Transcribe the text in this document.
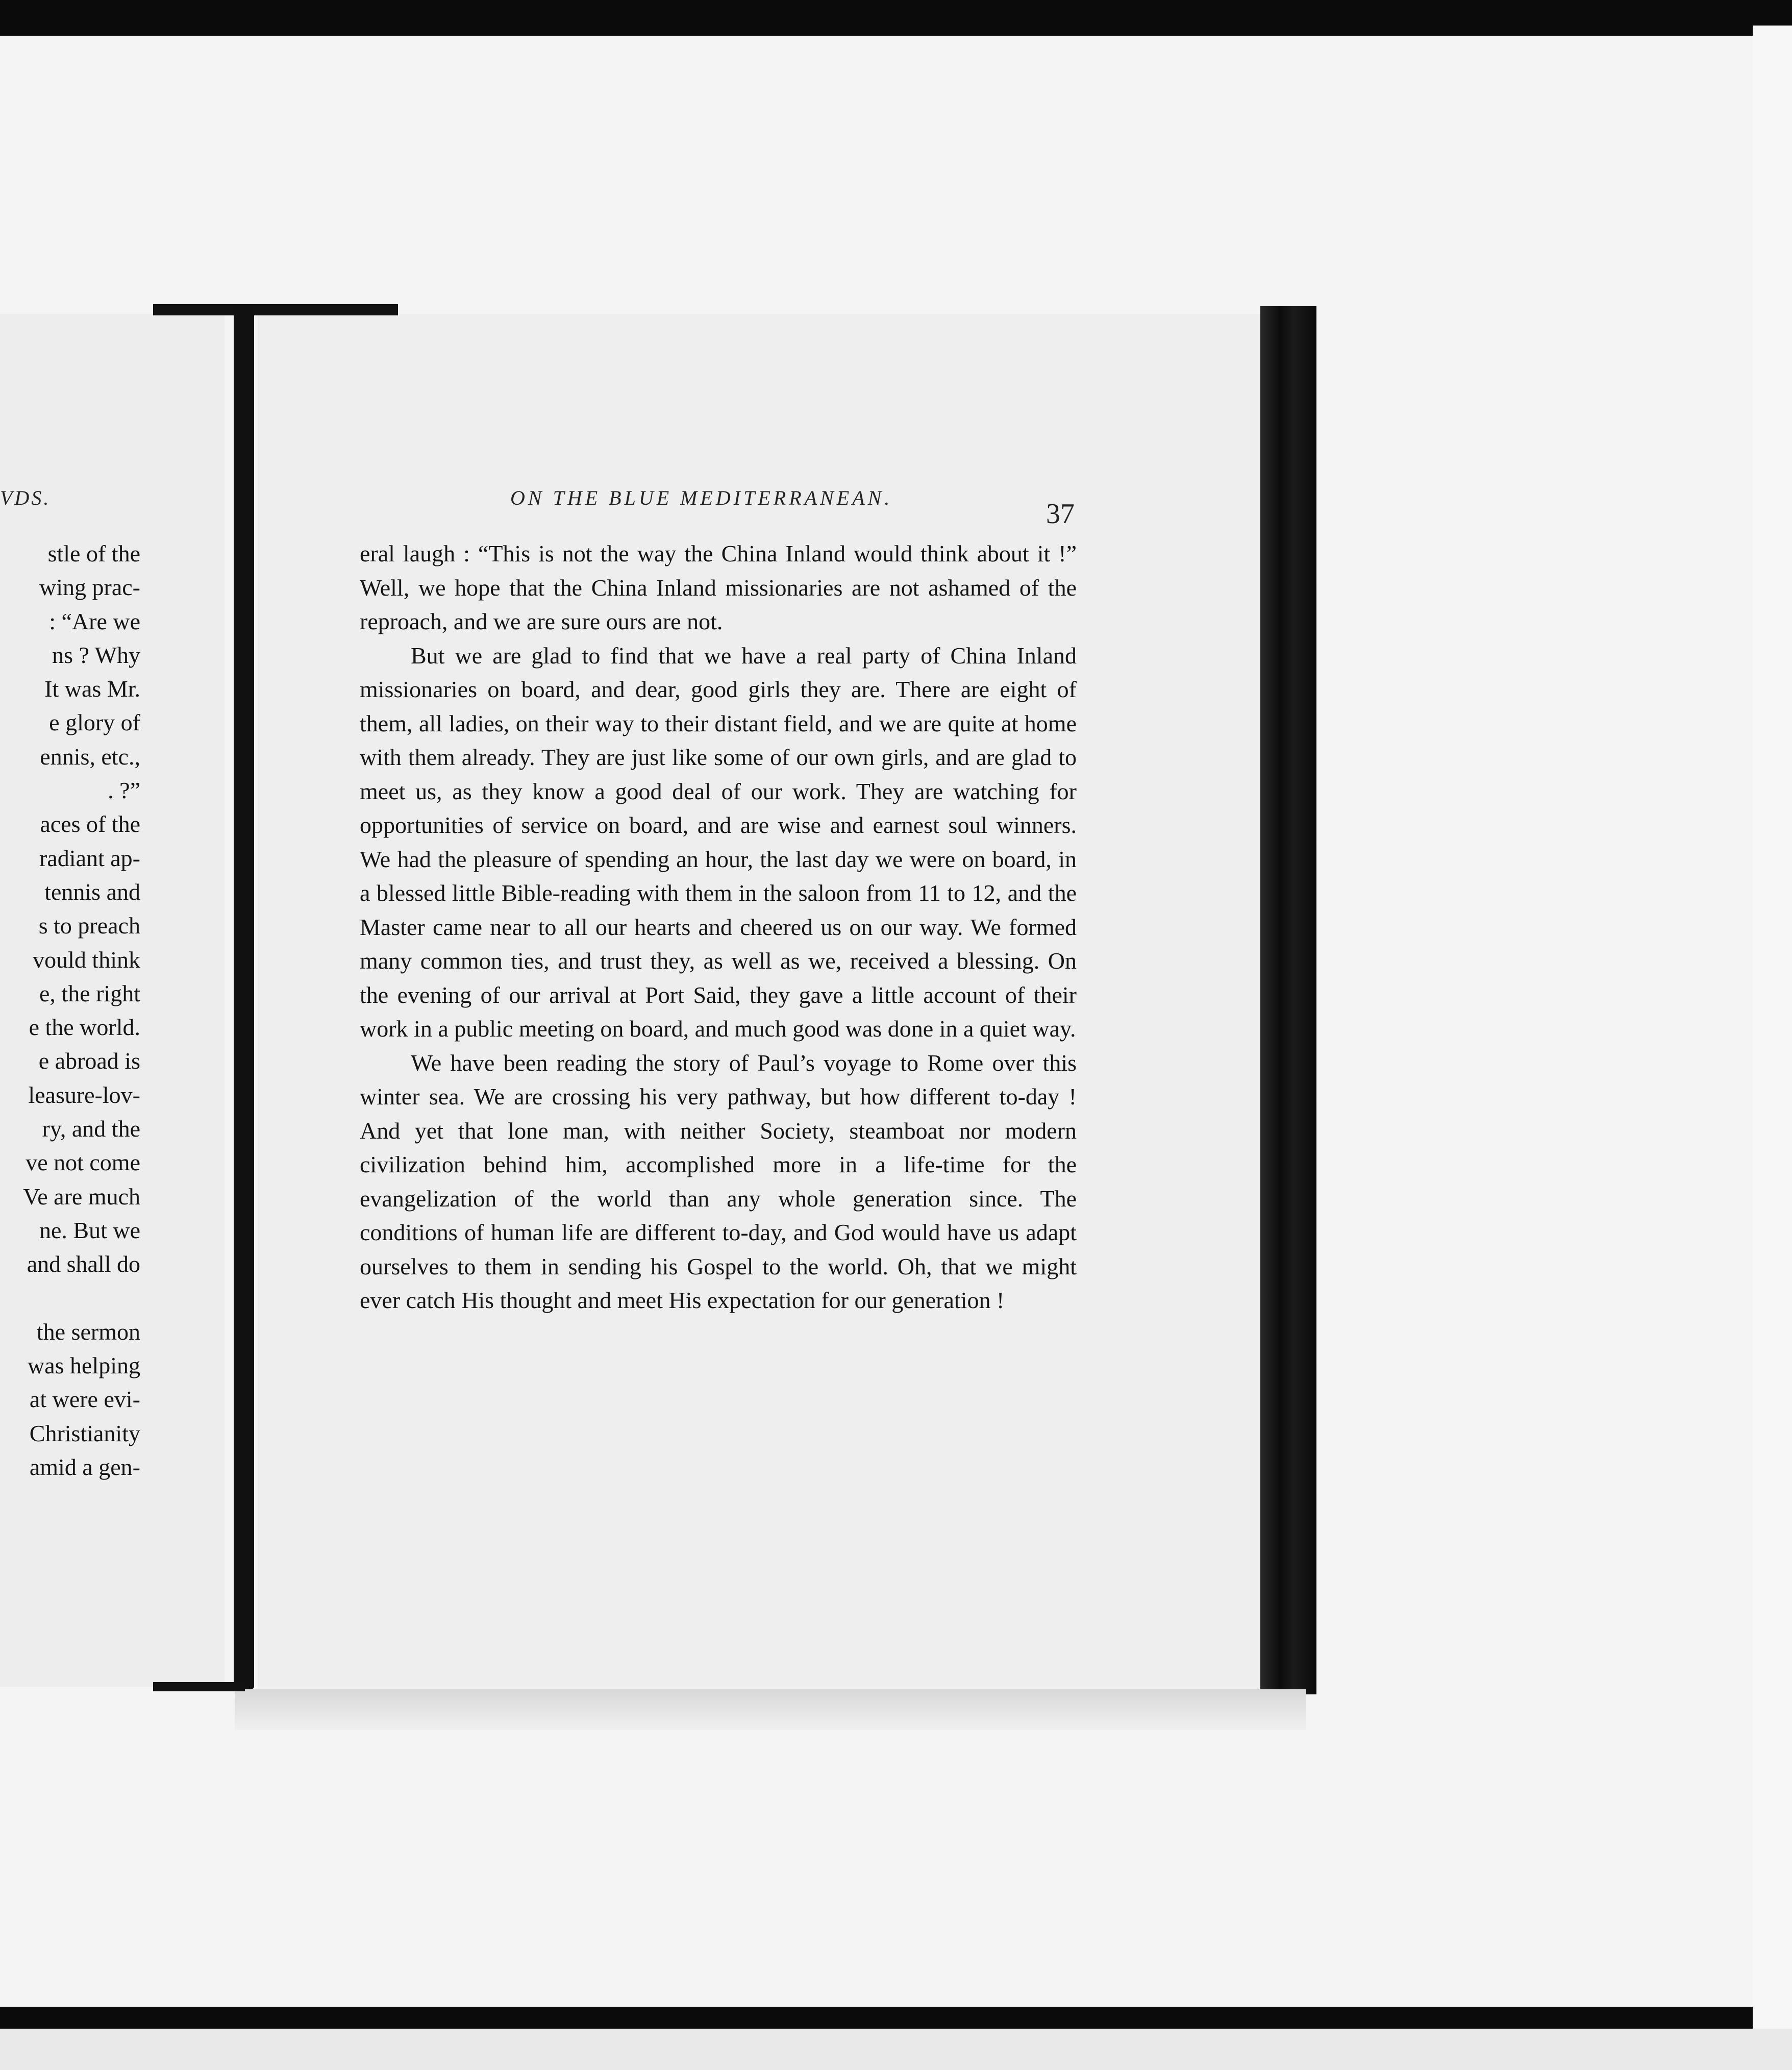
VDS.
stle of the
wing prac-
: “Are we
ns ? Why
It was Mr.
e glory of
ennis, etc.,
. ?”
aces of the
radiant ap-
tennis and
s to preach
vould think
e, the right
e the world.
e abroad is
leasure-lov-
ry, and the
ve not come
Ve are much
ne. But we
and shall do
the sermon
was helping
at were evi-
Christianity
amid a gen-
ON THE BLUE MEDITERRANEAN.
37

eral laugh : “This is not the way the China Inland would think about it !” Well, we hope that the China Inland missionaries are not ashamed of the reproach, and we are sure ours are not.

But we are glad to find that we have a real party of China Inland missionaries on board, and dear, good girls they are. There are eight of them, all ladies, on their way to their distant field, and we are quite at home with them already. They are just like some of our own girls, and are glad to meet us, as they know a good deal of our work. They are watching for opportunities of service on board, and are wise and earnest soul winners. We had the pleasure of spending an hour, the last day we were on board, in a blessed little Bible-reading with them in the saloon from 11 to 12, and the Master came near to all our hearts and cheered us on our way. We formed many common ties, and trust they, as well as we, received a blessing. On the evening of our arrival at Port Said, they gave a little account of their work in a public meeting on board, and much good was done in a quiet way.

We have been reading the story of Paul’s voyage to Rome over this winter sea. We are crossing his very pathway, but how different to-day ! And yet that lone man, with neither Society, steamboat nor modern civilization behind him, accomplished more in a life-time for the evangelization of the world than any whole generation since. The conditions of human life are different to-day, and God would have us adapt ourselves to them in sending his Gospel to the world. Oh, that we might ever catch His thought and meet His expectation for our generation !
